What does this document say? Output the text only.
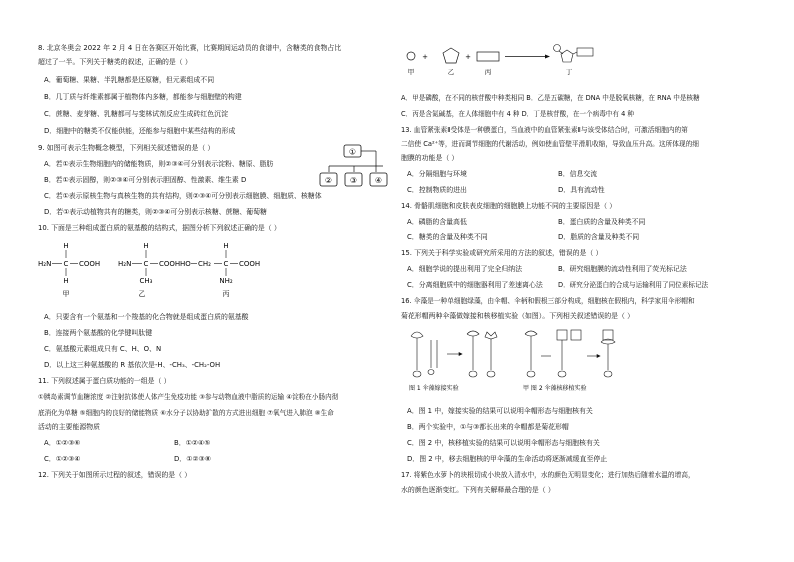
8. 北京冬奥会 2022 年 2 月 4 日在各赛区开始比赛，比赛期间运动员的食谱中，含糖类的食物占比
超过了一半。下列关于糖类的叙述，正确的是（ ）
A．葡萄糖、果糖、半乳糖都是还原糖，但元素组成不同
B．几丁质与纤维素都属于植物体内多糖，都能参与细胞壁的构建
C．蔗糖、麦芽糖、乳糖都可与斐林试剂反应生成砖红色沉淀
D．细胞中的糖类不仅能供能，还能参与细胞中某些结构的形成
9. 如图可表示生物概念模型，下列相关叙述错误的是（ ）
A．若①表示生物细胞内的储能物质，则②③④可分别表示淀粉、糖原、脂肪
B．若①表示固醇，则②③④可分别表示胆固醇、性激素、维生素 D
C．若①表示原核生物与真核生物的共有结构，则②③④可分别表示细胞膜、细胞质、核糖体
D．若①表示动植物共有的糖类，则②③④可分别表示核糖、蔗糖、葡萄糖
①
② ③ ④
10. 下面是三种组成蛋白质的氨基酸的结构式，据图分析下列叙述正确的是（ ）
H
H₂N C COOH
H
甲
H
H₂N C COOH
CH₃
乙
H
HO CH₂ C COOH
NH₂
丙
A．只要含有一个氨基和一个羧基的化合物就是组成蛋白质的氨基酸
B．连接两个氨基酸的化学键叫肽键
C．氨基酸元素组成只有 C、H、O、N
D．以上这三种氨基酸的 R 基依次是-H、-CH₃、-CH₂-OH
11. 下列叙述属于蛋白质功能的一组是（ ）
①胰岛素调节血糖浓度 ②注射抗体使人体产生免疫功能 ③参与动物血液中脂质的运输 ④淀粉在小肠内彻
底消化为单糖 ⑤细胞内的良好的储能物质 ⑥水分子以协助扩散的方式进出细胞 ⑦氧气进入肺泡 ⑧生命
活动的主要能源物质
A．①②③⑥	B．①②④⑤
C．①②③④	D．①②③⑧
12. 下列关于如图所示过程的叙述，错误的是（ ）
+	+
甲	乙	丙	丁
A．甲是磷酸，在不同的核苷酸中种类相同 B．乙是五碳糖，在 DNA 中是脱氧核糖，在 RNA 中是核糖
C．丙是含氮碱基，在人体细胞中有 4 种 D．丁是核苷酸，在一个病毒中有 4 种
13. 血管紧张素Ⅱ受体是一种膜蛋白，当血液中的血管紧张素Ⅱ与该受体结合时，可激活细胞内的第
二信使 Ca²⁺等，进而调节细胞的代谢活动，例如使血管壁平滑肌收缩，导致血压升高。这所体现的细
胞膜的功能是（ ）
A．分隔细胞与环境	B．信息交流
C．控制物质的进出	D．具有流动性
14. 骨骼肌细胞和皮肤表皮细胞的细胞膜上功能不同的主要原因是（ ）
A．磷脂的含量高低	B．蛋白质的含量及种类不同
C．糖类的含量及种类不同	D．脂质的含量及种类不同
15. 下列关于科学实验或研究所采用的方法的叙述，错误的是（ ）
A．细胞学说的提出利用了完全归纳法	B．研究细胞膜的流动性利用了荧光标记法
C．分离细胞质中的细胞器利用了差速离心法 D．研究分泌蛋白的合成与运输利用了同位素标记法
16. 伞藻是一种单细胞绿藻，由伞帽、伞柄和假根三部分构成，细胞核在假根内，科学家用伞形帽和
菊花形帽两种伞藻做嫁接和核移植实验（如图）。下列相关叙述错误的是（ ）
图 1 伞藻嫁接实验	甲 图 2 伞藻核移植实验
A．图 1 中，嫁接实验的结果可以说明伞帽形态与细胞核有关
B．两个实验中，①与③都长出来的伞帽都是菊花形帽
C．图 2 中，核移植实验的结果可以说明伞帽形态与细胞核有关
D．图 2 中，移去细胞核的甲伞藻的生命活动将逐渐减缓直至停止
17. 将紫色水萝卜的块根切成小块放入清水中，水的颜色无明显变化；进行加热后随着水温的增高，
水的颜色逐渐变红。下列有关解释最合理的是（ ）
